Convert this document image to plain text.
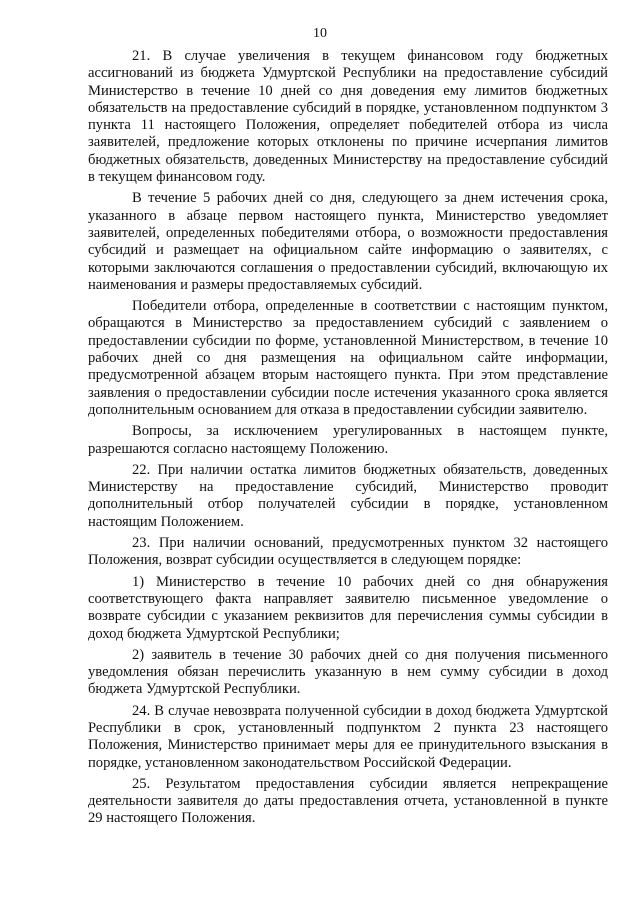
10

21. В случае увеличения в текущем финансовом году бюджетных ассигнований из бюджета Удмуртской Республики на предоставление субсидий Министерство в течение 10 дней со дня доведения ему лимитов бюджетных обязательств на предоставление субсидий в порядке, установленном подпунктом 3 пункта 11 настоящего Положения, определяет победителей отбора из числа заявителей, предложение которых отклонены по причине исчерпания лимитов бюджетных обязательств, доведенных Министерству на предоставление субсидий в текущем финансовом году.

В течение 5 рабочих дней со дня, следующего за днем истечения срока, указанного в абзаце первом настоящего пункта, Министерство уведомляет заявителей, определенных победителями отбора, о возможности предоставления субсидий и размещает на официальном сайте информацию о заявителях, с которыми заключаются соглашения о предоставлении субсидий, включающую их наименования и размеры предоставляемых субсидий.

Победители отбора, определенные в соответствии с настоящим пунктом, обращаются в Министерство за предоставлением субсидий с заявлением о предоставлении субсидии по форме, установленной Министерством, в течение 10 рабочих дней со дня размещения на официальном сайте информации, предусмотренной абзацем вторым настоящего пункта. При этом представление заявления о предоставлении субсидии после истечения указанного срока является дополнительным основанием для отказа в предоставлении субсидии заявителю.

Вопросы, за исключением урегулированных в настоящем пункте, разрешаются согласно настоящему Положению.

22. При наличии остатка лимитов бюджетных обязательств, доведенных Министерству на предоставление субсидий, Министерство проводит дополнительный отбор получателей субсидии в порядке, установленном настоящим Положением.

23. При наличии оснований, предусмотренных пунктом 32 настоящего Положения, возврат субсидии осуществляется в следующем порядке:

1) Министерство в течение 10 рабочих дней со дня обнаружения соответствующего факта направляет заявителю письменное уведомление о возврате субсидии с указанием реквизитов для перечисления суммы субсидии в доход бюджета Удмуртской Республики;

2) заявитель в течение 30 рабочих дней со дня получения письменного уведомления обязан перечислить указанную в нем сумму субсидии в доход бюджета Удмуртской Республики.

24. В случае невозврата полученной субсидии в доход бюджета Удмуртской Республики в срок, установленный подпунктом 2 пункта 23 настоящего Положения, Министерство принимает меры для ее принудительного взыскания в порядке, установленном законодательством Российской Федерации.

25. Результатом предоставления субсидии является непрекращение деятельности заявителя до даты предоставления отчета, установленной в пункте 29 настоящего Положения.
